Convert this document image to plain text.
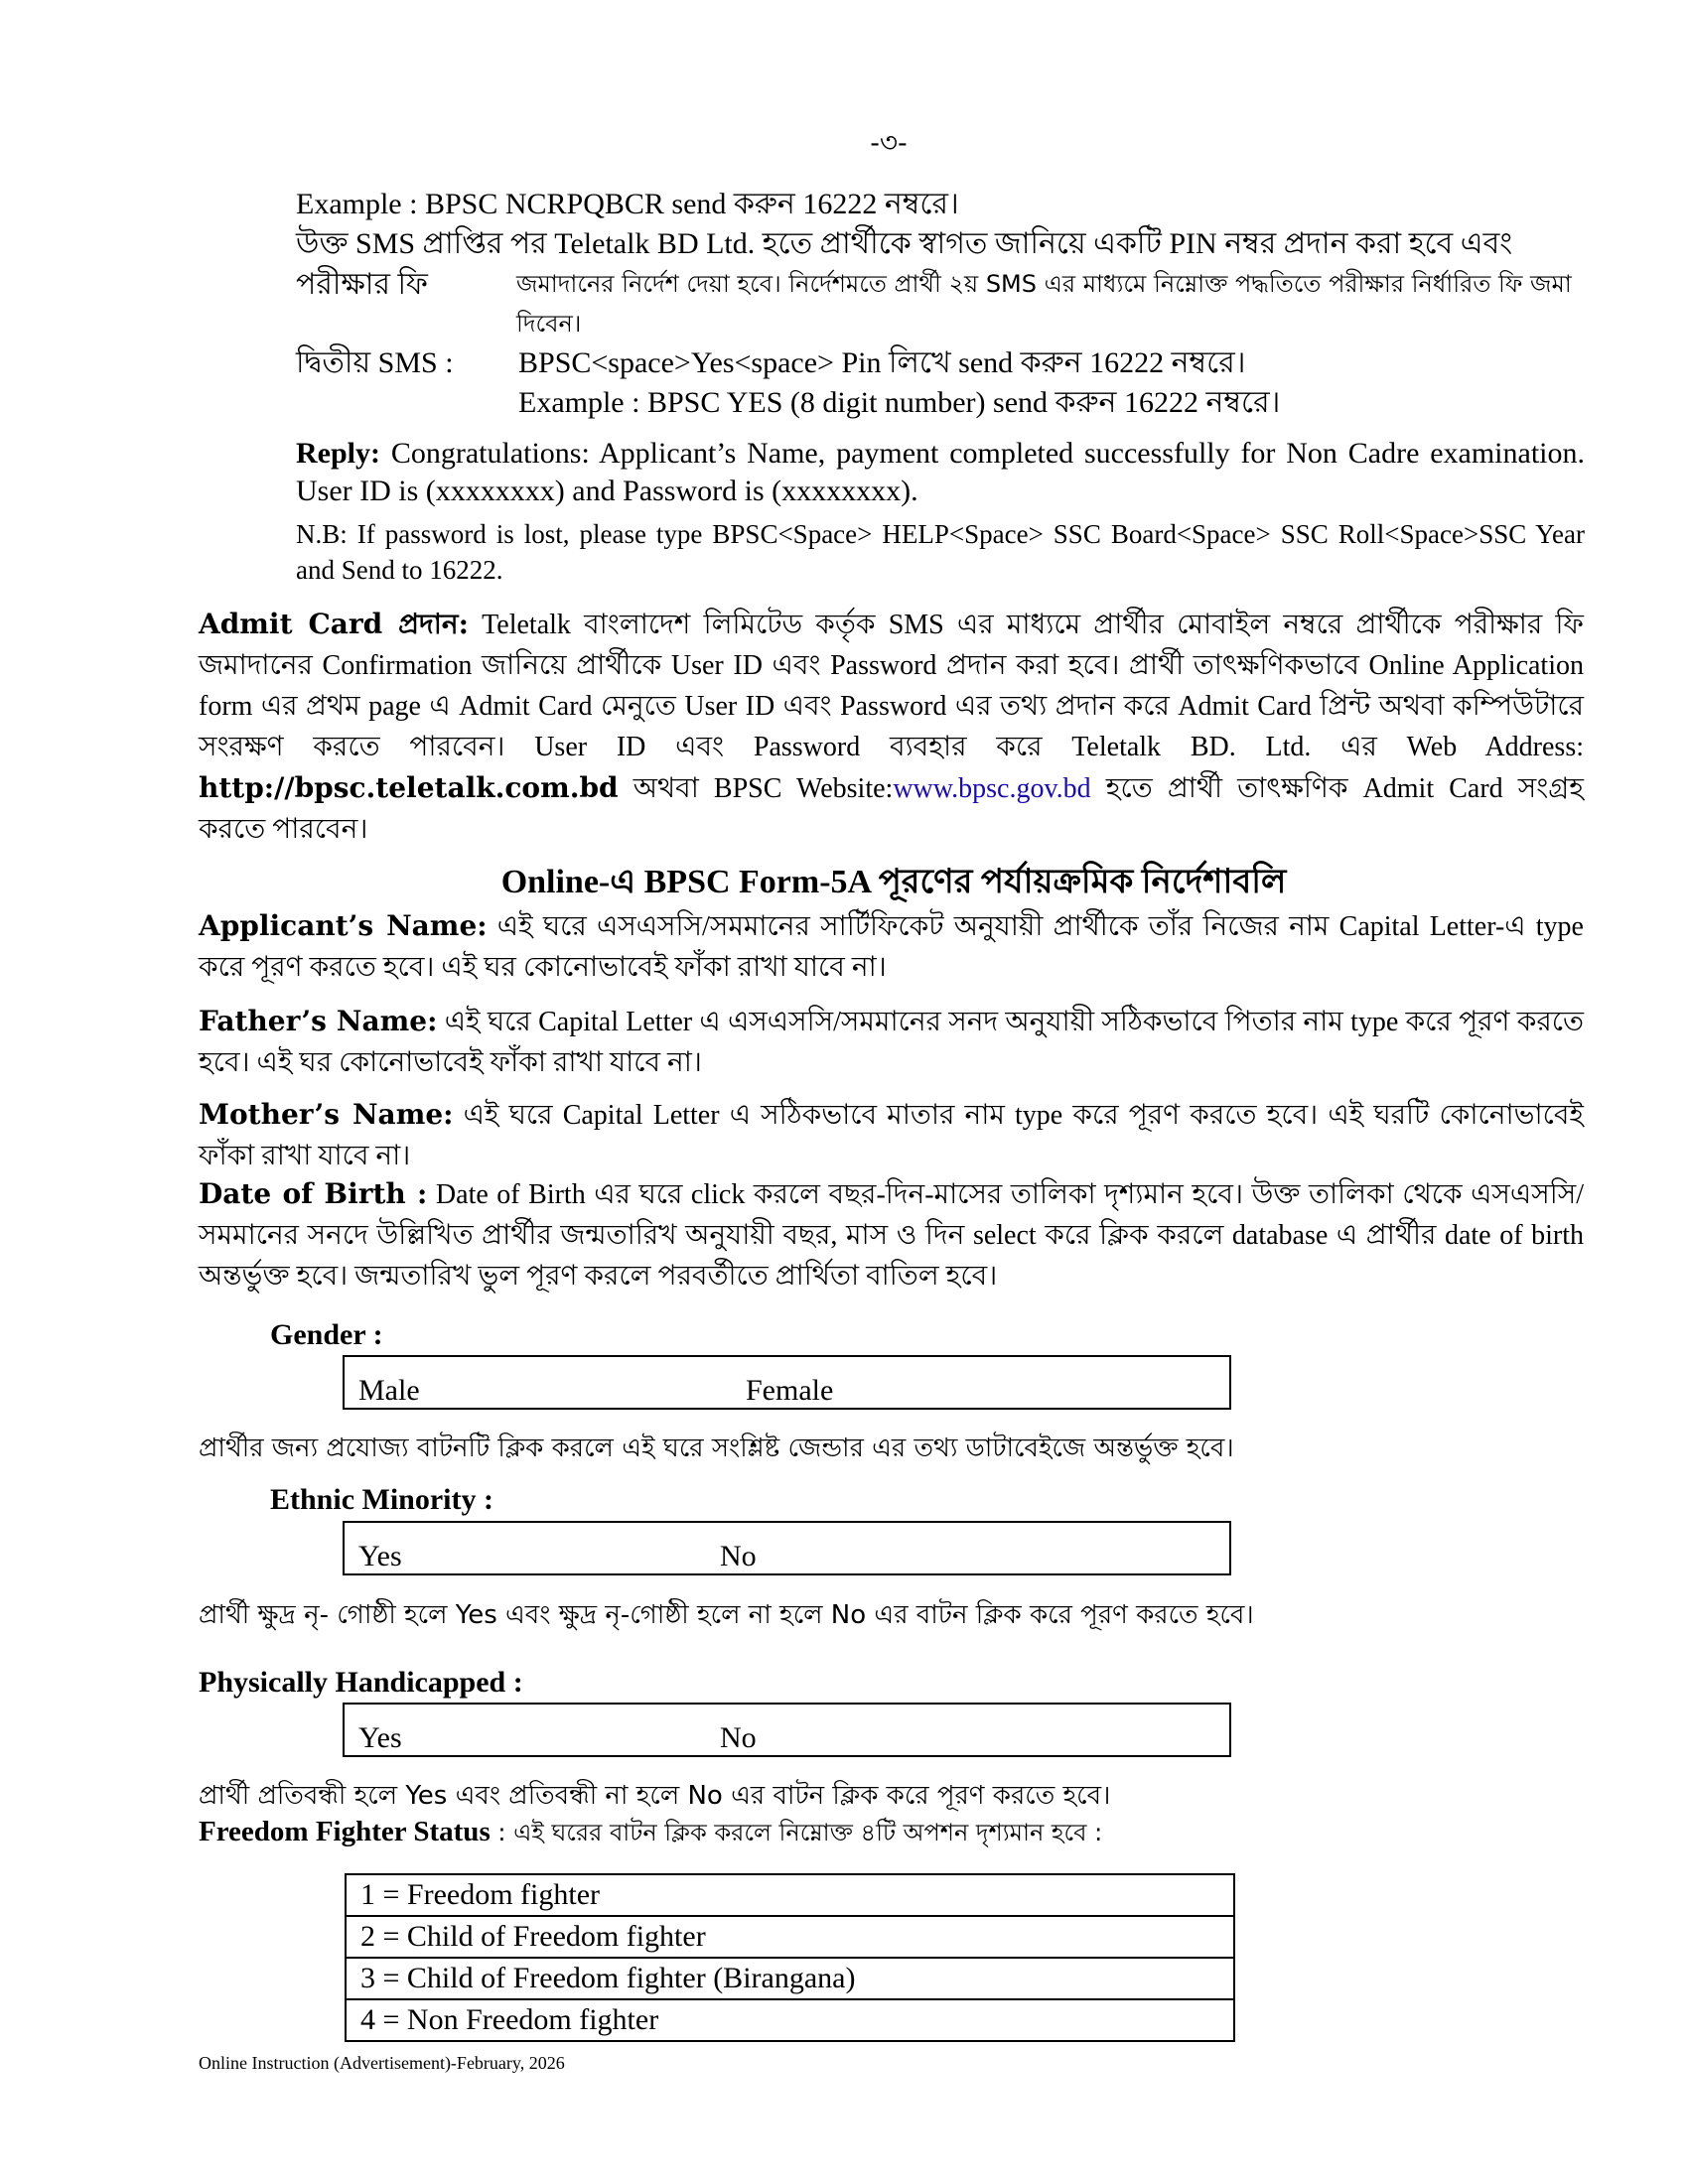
-৩-
Example : BPSC NCRPQBCR send করুন 16222 নম্বরে।
উক্ত SMS প্রাপ্তির পর Teletalk BD Ltd. হতে প্রার্থীকে স্বাগত জানিয়ে একটি PIN নম্বর প্রদান করা হবে এবং পরীক্ষার ফি	জমাদানের নির্দেশ দেয়া হবে। নির্দেশমতে প্রার্থী ২য় SMS এর মাধ্যমে নিম্নোক্ত পদ্ধতিতে পরীক্ষার নির্ধারিত ফি জমা দিবেন।
দ্বিতীয় SMS : BPSC<space>Yes<space> Pin লিখে send করুন 16222 নম্বরে।
Example : BPSC YES (8 digit number) send করুন 16222 নম্বরে।
Reply: Congratulations: Applicant’s Name, payment completed successfully for Non Cadre examination. User ID is (xxxxxxxx) and Password is (xxxxxxxx).
N.B: If password is lost, please type BPSC<Space> HELP<Space> SSC Board<Space> SSC Roll<Space>SSC Year and Send to 16222.
Admit Card প্রদান: Teletalk বাংলাদেশ লিমিটেড কর্তৃক SMS এর মাধ্যমে প্রার্থীর মোবাইল নম্বরে প্রার্থীকে পরীক্ষার ফি জমাদানের Confirmation জানিয়ে প্রার্থীকে User ID এবং Password প্রদান করা হবে। প্রার্থী তাৎক্ষণিকভাবে Online Application form এর প্রথম page এ Admit Card মেনুতে User ID এবং Password এর তথ্য প্রদান করে Admit Card প্রিন্ট অথবা কম্পিউটারে সংরক্ষণ করতে পারবেন। User ID এবং Password ব্যবহার করে Teletalk BD. Ltd. এর Web Address: http://bpsc.teletalk.com.bd অথবা BPSC Website:www.bpsc.gov.bd হতে প্রার্থী তাৎক্ষণিক Admit Card সংগ্রহ করতে পারবেন।
Online-এ BPSC Form-5A পূরণের পর্যায়ক্রমিক নির্দেশাবলি
Applicant’s Name: এই ঘরে এসএসসি/সমমানের সার্টিফিকেট অনুযায়ী প্রার্থীকে তাঁর নিজের নাম Capital Letter-এ type করে পূরণ করতে হবে। এই ঘর কোনোভাবেই ফাঁকা রাখা যাবে না।
Father’s Name: এই ঘরে Capital Letter এ এসএসসি/সমমানের সনদ অনুযায়ী সঠিকভাবে পিতার নাম type করে পূরণ করতে হবে। এই ঘর কোনোভাবেই ফাঁকা রাখা যাবে না।
Mother’s Name: এই ঘরে Capital Letter এ সঠিকভাবে মাতার নাম type করে পূরণ করতে হবে। এই ঘরটি কোনোভাবেই ফাঁকা রাখা যাবে না।
Date of Birth : Date of Birth এর ঘরে click করলে বছর-দিন-মাসের তালিকা দৃশ্যমান হবে। উক্ত তালিকা থেকে এসএসসি/সমমানের সনদে উল্লিখিত প্রার্থীর জন্মতারিখ অনুযায়ী বছর, মাস ও দিন select করে ক্লিক করলে database এ প্রার্থীর date of birth অন্তর্ভুক্ত হবে। জন্মতারিখ ভুল পূরণ করলে পরবর্তীতে প্রার্থিতা বাতিল হবে।
Gender :
Male	Female
প্রার্থীর জন্য প্রযোজ্য বাটনটি ক্লিক করলে এই ঘরে সংশ্লিষ্ট জেন্ডার এর তথ্য ডাটাবেইজে অন্তর্ভুক্ত হবে।
Ethnic Minority :
Yes	No
প্রার্থী ক্ষুদ্র নৃ- গোষ্ঠী হলে Yes এবং ক্ষুদ্র নৃ-গোষ্ঠী হলে না হলে No এর বাটন ক্লিক করে পূরণ করতে হবে।
Physically Handicapped :
Yes	No
প্রার্থী প্রতিবন্ধী হলে Yes এবং প্রতিবন্ধী না হলে No এর বাটন ক্লিক করে পূরণ করতে হবে।
Freedom Fighter Status : এই ঘরের বাটন ক্লিক করলে নিম্নোক্ত ৪টি অপশন দৃশ্যমান হবে :
1 = Freedom fighter
2 = Child of Freedom fighter
3 = Child of Freedom fighter (Birangana)
4 = Non Freedom fighter
Online Instruction (Advertisement)-February, 2026
